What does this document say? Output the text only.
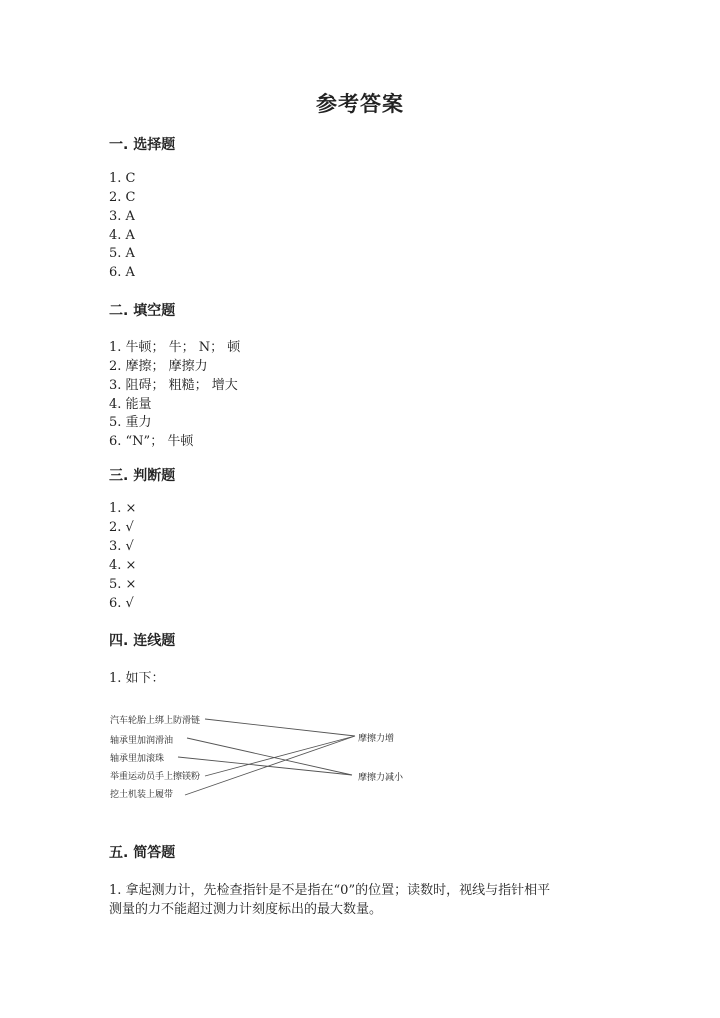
参考答案
一. 选择题
1. C
2. C
3. A
4. A
5. A
6. A
二. 填空题
1. 牛顿； 牛； N； 顿
2. 摩擦； 摩擦力
3. 阻碍； 粗糙； 增大
4. 能量
5. 重力
6. “N”； 牛顿
三. 判断题
1. ×
2. √
3. √
4. ×
5. ×
6. √
四. 连线题
1. 如下：
汽车轮胎上绑上防滑链
轴承里加润滑油
轴承里加滚珠
举重运动员手上擦镁粉
挖土机装上履带
摩擦力增
摩擦力减小
五. 简答题
1. 拿起测力计，先检查指针是不是指在“0”的位置；读数时，视线与指针相平
测量的力不能超过测力计刻度标出的最大数量。
